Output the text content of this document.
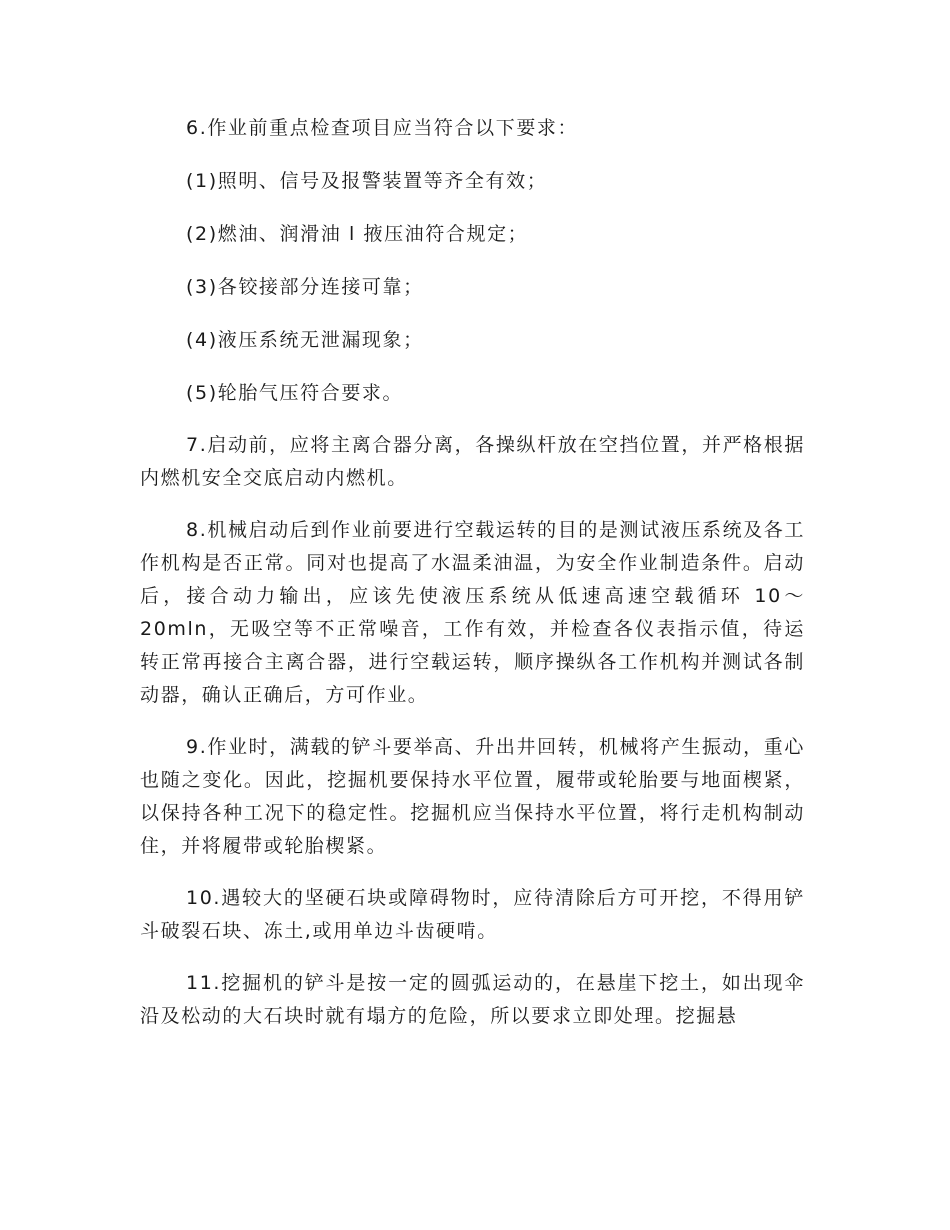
6.作业前重点检查项目应当符合以下要求：

(1)照明、信号及报警装置等齐全有效；

(2)燃油、润滑油 l 掖压油符合规定；

(3)各铰接部分连接可靠；

(4)液压系统无泄漏现象；

(5)轮胎气压符合要求。

7.启动前，应将主离合器分离，各操纵杆放在空挡位置，并严格根据内燃机安全交底启动内燃机。

8.机械启动后到作业前要进行空载运转的目的是测试液压系统及各工作机构是否正常。同对也提高了水温柔油温，为安全作业制造条件。启动后，接合动力输出，应该先使液压系统从低速高速空载循环 10～20mln，无吸空等不正常噪音，工作有效，并检查各仪表指示值，待运转正常再接合主离合器，进行空载运转，顺序操纵各工作机构并测试各制动器，确认正确后，方可作业。

9.作业时，满载的铲斗要举高、升出井回转，机械将产生振动，重心也随之变化。因此，挖掘机要保持水平位置，履带或轮胎要与地面楔紧，以保持各种工况下的稳定性。挖掘机应当保持水平位置，将行走机构制动住，并将履带或轮胎楔紧。

10.遇较大的坚硬石块或障碍物时，应待清除后方可开挖，不得用铲斗破裂石块、冻土,或用单边斗齿硬啃。

11.挖掘机的铲斗是按一定的圆弧运动的，在悬崖下挖土，如出现伞沿及松动的大石块时就有塌方的危险，所以要求立即处理。挖掘悬
